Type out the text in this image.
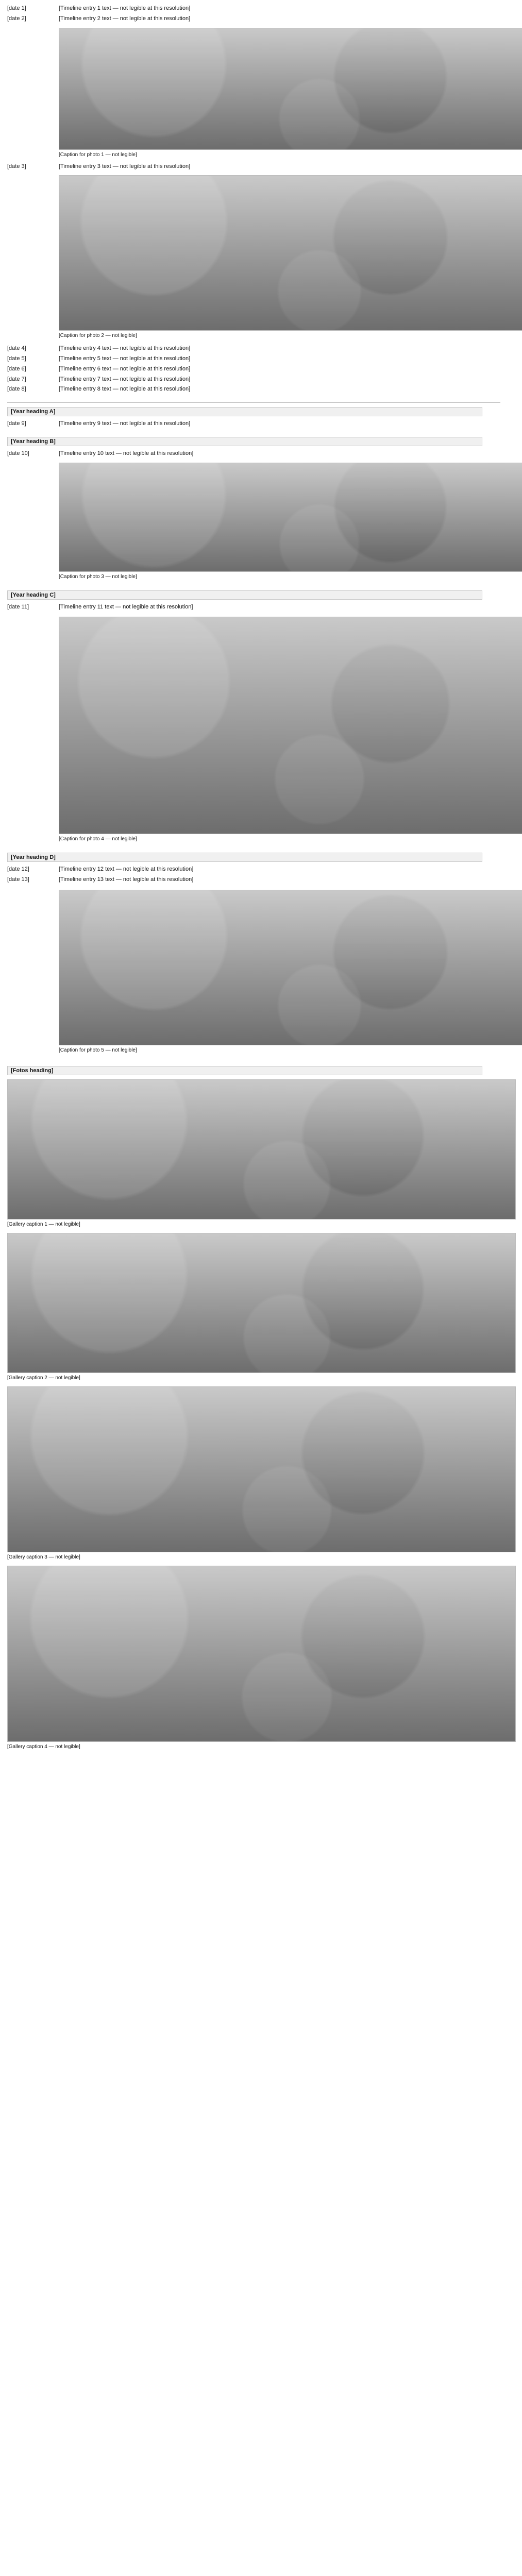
[date 1]	[Timeline entry 1 text — not legible at this resolution]
[date 2]	[Timeline entry 2 text — not legible at this resolution]
[Caption for photo 1 — not legible]
[date 3]	[Timeline entry 3 text — not legible at this resolution]
[Caption for photo 2 — not legible]
[date 4]	[Timeline entry 4 text — not legible at this resolution]
[date 5]	[Timeline entry 5 text — not legible at this resolution]
[date 6]	[Timeline entry 6 text — not legible at this resolution]
[date 7]	[Timeline entry 7 text — not legible at this resolution]
[date 8]	[Timeline entry 8 text — not legible at this resolution]
[Year heading A]
[date 9]	[Timeline entry 9 text — not legible at this resolution]
[Year heading B]
[date 10]	[Timeline entry 10 text — not legible at this resolution]
[Caption for photo 3 — not legible]
[Year heading C]
[date 11]	[Timeline entry 11 text — not legible at this resolution]
[Caption for photo 4 — not legible]
[Year heading D]
[date 12]	[Timeline entry 12 text — not legible at this resolution]
[date 13]	[Timeline entry 13 text — not legible at this resolution]
[Caption for photo 5 — not legible]
[Fotos heading]
[Gallery caption 1 — not legible]
[Gallery caption 2 — not legible]
[Gallery caption 3 — not legible]
[Gallery caption 4 — not legible]
